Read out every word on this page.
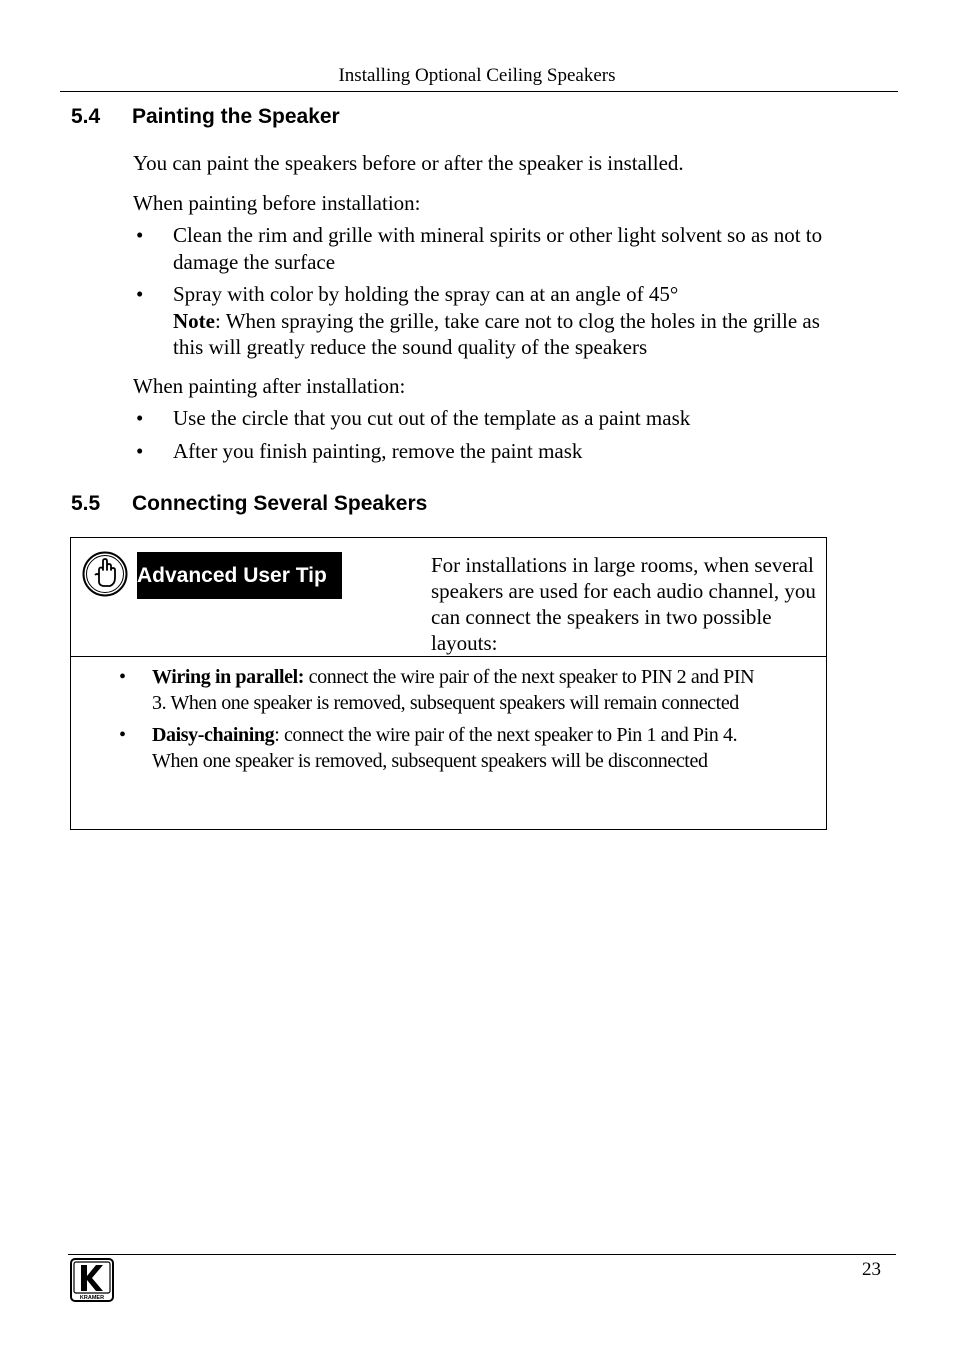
Installing Optional Ceiling Speakers
5.4 Painting the Speaker
You can paint the speakers before or after the speaker is installed.
When painting before installation:
• Clean the rim and grille with mineral spirits or other light solvent so as not to damage the surface
• Spray with color by holding the spray can at an angle of 45°
Note: When spraying the grille, take care not to clog the holes in the grille as this will greatly reduce the sound quality of the speakers
When painting after installation:
• Use the circle that you cut out of the template as a paint mask
• After you finish painting, remove the paint mask
5.5 Connecting Several Speakers
Advanced User Tip	For installations in large rooms, when several speakers are used for each audio channel, you can connect the speakers in two possible layouts:
• Wiring in parallel: connect the wire pair of the next speaker to PIN 2 and PIN 3. When one speaker is removed, subsequent speakers will remain connected
• Daisy-chaining: connect the wire pair of the next speaker to Pin 1 and Pin 4. When one speaker is removed, subsequent speakers will be disconnected
KRAMER
23
